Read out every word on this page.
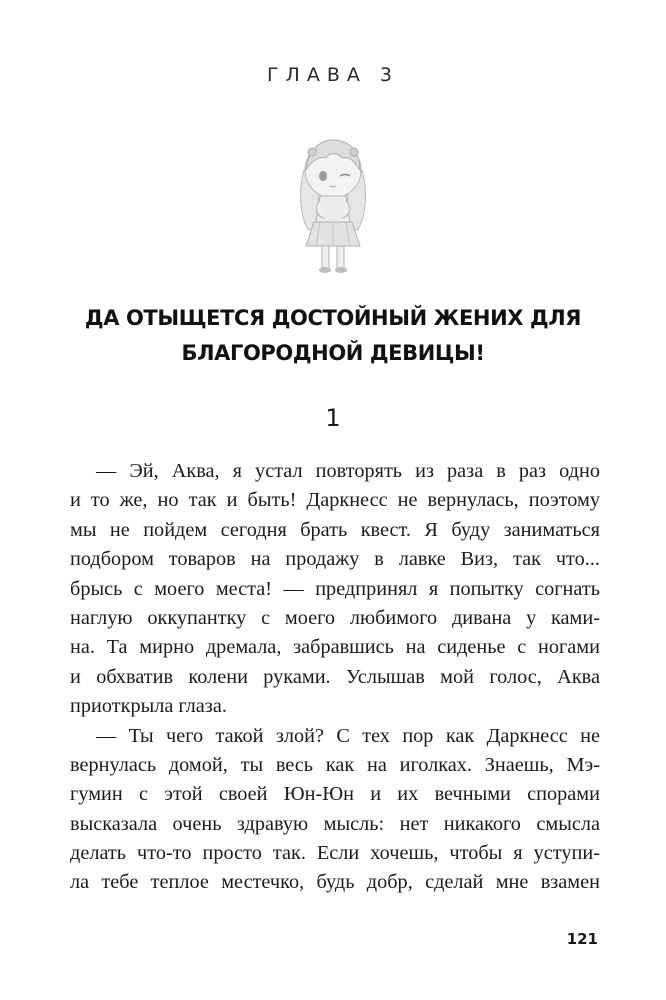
ГЛАВА 3
ДА ОТЫЩЕТСЯ ДОСТОЙНЫЙ ЖЕНИХ ДЛЯ
БЛАГОРОДНОЙ ДЕВИЦЫ!
1
— Эй, Аква, я устал повторять из раза в раз одно
и то же, но так и быть! Даркнесс не вернулась, поэтому
мы не пойдем сегодня брать квест. Я буду заниматься
подбором товаров на продажу в лавке Виз, так что...
брысь с моего места! — предпринял я попытку согнать
наглую оккупантку с моего любимого дивана у ками-
на. Та мирно дремала, забравшись на сиденье с ногами
и обхватив колени руками. Услышав мой голос, Аква
приоткрыла глаза.
— Ты чего такой злой? С тех пор как Даркнесс не
вернулась домой, ты весь как на иголках. Знаешь, Мэ-
гумин с этой своей Юн-Юн и их вечными спорами
высказала очень здравую мысль: нет никакого смысла
делать что-то просто так. Если хочешь, чтобы я уступи-
ла тебе теплое местечко, будь добр, сделай мне взамен
121
